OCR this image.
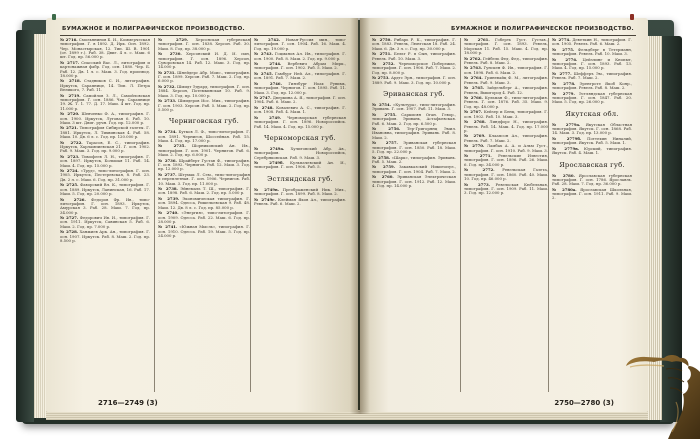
БУМАЖНОЕ И ПОЛИГРАФИЧЕСКОЕ ПРОИЗВОДСТВО.

№ 2716. Смольянинов Б. И., Коммерческая типография. Г. в 1892. Д. Ирк. Осн. 1892. Чер. Монастырская, 12. Тип. Ш. В. 1901 (от. 1899 г.). Раб. 38. Двиг. 4 л. с. Маш. 6 шт. Год. пр. 56.000 р.

№ 2717. Спасский Вас. Л., литография и картонажная фабр. Год. осн. 1880. Чер. Б. Раб. 12. Дв. 1 л. с. Маш. 3. Год. производ. 18.000 р.

№ 2718. Стадников С. И., литография. Иркутск, Сарапнице, 14. Тип. Л. Петра Великого, 7. Раб. 11.

№ 2719. Самойлов З. Л., Самойловская типография. Г. осн. 1886. Чер. Сарапнице 19. Ж. Т. 1. 77. Д. 17. Маш. 4 шт. Год. пр. 11.000 р.

№ 2720. Шевченко Ф. А., типография. Г. осн. 1900. Иркутск, Луговая 6. Раб. 10. Маш. 3 шт. Двиг. ручн. Год. пр. 12.000 р.

№ 2721. Типография Сибирской газеты. Г. 1881. Иркутск, Л. Тихвинская 4. Раб. 58. Маш. 10. Дв. 6 л. с. Год. пр. 120.000 р.

№ 2722. Тарасов, Е. С., типография. Иркутск, Харлампиевская 21. Г. осн. 1902. Раб. 9. Маш. 3. Год. пр. 9.000 р.

№ 2723. Тимофеев Л. Н., типография. Г. осн. 1897. Иркутск, Большая 11. Раб. 14. Маш. 4. Год. пр. 15.000 р.

№ 2724. «Труд», типо-литография. Г. осн. 1905. Иркутск, Пестеревская, 8. Раб. 23. Дв. 2 л. с. Маш. 6. Год. пр. 31.000 р.

№ 2725. Фаворский Вл. К., типография. Г. осн. 1889. Иркутск, Ланинская, 16. Раб. 17. Маш. 5. Год. пр. 20.000 р.

№ 2726. Федоров Фр. Ив., типо-литография. Г. осн. 1893. Иркутск, Амурская 3. Раб. 28. Маш. 7. Год. пр. 34.000 р.

№ 2727. Федорович Ив. И., типография. Г. осн. 1911. Иркутск, Савинская 5. Раб. 6. Маш. 2. Год. пр. 7.000 р.

№ 2728. Ханжиев Арк. Ан., типография. Г. осн. 1907. Иркутск. Раб. 8. Маш. 2. Год. пр. 8.500 р.

№ 2729. Херсонская губернская типография. Г. осн. 1838. Херсон. Раб. 30. Маш. 8. Год. пр. 38.000 р.

№ 2730. Херсонский И. Д. И. сын, типография. Г. осн. 1896. Херсон, Суворовская 14. Раб. 12. Маш. 3. Год. пр. 14.000 р.

№ 2731. Шнейдерс Абр. Моис., типография. Г. осн. 1899. Херсон. Раб. 7. Маш. 2. Год. пр. 6.000 р.

№ 2732. Шмидт Эдуард, типография. Г. осн. 1884. Херсон, Потемкинская 10. Раб. 9. Маш. 3. Год. пр. 10.000 р.

№ 2733. Шмидеров Иос. Мих., типография. Г. осн. 1903. Херсон. Раб. 5. Маш. 2. Год. пр. 5.500 р.

Черниговская губ.

№ 2734. Бутков Л. Ф., типо-литография. Г. осн. 1891. Чернигов, Шоссейная. Раб. 15. Маш. 4. Год. пр. 17.000 р.

№ 2735. Шорниковский Ан. Ив., типография. Г. осн. 1901. Чернигов. Раб. 6. Маш. 2. Год. пр. 6.000 р.

№ 2736. Шрайберт Густав Ф., типография. Г. осн. 1892. Чернигов. Раб. 12. Маш. 3. Год. пр. 12.000 р.

№ 2737. Штумак Л. Сем., типо-литография и переплетная. Г. осн. 1906. Чернигов. Раб. 10. Маш. 3. Год. пр. 11.000 р.

№ 2738. Эйнемаль Т. Ш., типография. Г. осн. 1898. Раб. 6. Маш. 2. Год. пр. 5.000 р.

№ 2739. Экономическая типография. Г. осн. 1894. Одесса, Ришельевская 9. Раб. 48. Маш. 12. Дв. 8 л. с. Год. пр. 85.000 р.

№ 2740. «Энергия», типо-литография. Г. осн. 1909. Одесса. Раб. 22. Маш. 6. Год. пр. 28.000 р.

№ 2741. «Южная Мысль», типография. Г. осн. 1910. Одесса. Раб. 19. Маш. 5. Год. пр. 24.000 р.

№ 2742. Новая-Руссия мин., типо-литография. Г. осн. 1904. Раб. 16. Маш. 4. Год. пр. 19.000 р.

№ 2743. Гоцманов Ал. Ив., типография. Г. осн. 1900. Раб. 8. Маш. 2. Год. пр. 9.000 р.

№ 2744. Вербевич Абрам Мирк., типография. Г. осн. 1902. Раб. 5. Маш. 2.

№ 2745. Гамбург Ней. Ал., типография. Г. осн. 1891. Раб. 7. Маш. 2.

№ 2746. Гинзбург Ноах Рувимь, типография. Чернигов. Г. осн. 1895. Раб. 11. Маш. 3. Год. пр. 12.000 р.

№ 2747. Дверкина А. Я., типография. Г. осн. 1904. Раб. 6. Маш. 2.

№ 2748. Ковалевич А. С., типография. Г. осн. 1908. Раб. 4. Маш. 1.

№ 2749. Черноморская губернская типография. Г. осн. 1896. Новороссийск. Раб. 14. Маш. 4. Год. пр. 15.000 р.

Черноморская губ.

№ 2749а. Хулиговский Абр. Ав., типография. Новороссийск, Серебряковская. Раб. 9. Маш. 3.

№ 2749б. Кульпачевский Ан. И., типография. Г. осн. 1906. Раб. 5.

Эстляндская губ.

№ 2749в. Преображенский Ник. Мих., типография. Г. осн. 1899. Раб. 8. Маш. 2.

№ 2749г. Клейман Яков Ал., типография. Ревель. Раб. 6. Маш. 2.

2716—2749 (3)
БУМАЖНОЕ И ПОЛИГРАФИЧЕСКОЕ ПРОИЗВОДСТВО.

№ 2750. Рибарь Р. К., типография. Г. осн. 1883. Ревель, Люнгская 18. Раб. 24. Маш. 6. Дв. 3 л. с. Год. пр. 30.000 р.

№ 2751. Бельт Р. в Сын, типография. Ревель. Раб. 10. Маш. 3.

№ 2752. Черноморское Побережье, типография. Г. осн. 1906. Раб. 7. Маш. 2. Год. пр. 8.000 р.

№ 2753. Ардтс Эрн., типография. Г. осн. 1889. Раб. 9. Маш. 3. Год. пр. 10.000 р.

Эриванская губ.

№ 2754. «Культура», типо-литография. Эривань. Г. осн. 1907. Раб. 11. Маш. 3.

№ 2755. Саркисян Оган. Гевор., типография. Эривань, Астафьевская. Раб. 6. Маш. 2. Год. пр. 6.500 р.

№ 2756. Тер-Григорянц Эмил. Ивановна, типография. Эривань. Раб. 8. Маш. 2.

№ 2757. Эриванская губернская типография. Г. осн. 1850. Раб. 18. Маш. 5. Год. пр. 22.000 р.

№ 2758. «Шарк», типография. Эривань. Раб. 5. Маш. 2.

№ 2759. Закавказский Никитопул., типография. Г. осн. 1904. Раб. 7. Маш. 2.

№ 2760. Эриванская Электрическая типография. Г. осн. 1912. Раб. 12. Маш. 4. Год. пр. 14.000 р.

№ 2761. Гоберть Густ. Густав., типография. Г. осн. 1893. Ревель, Морская 11. Раб. 15. Маш. 4. Год. пр. 18.000 р.

№ 2762. Гейбель Фед. Фед., типография. Ревель. Раб. 8. Маш. 2.

№ 2763. Гунскен Ф. Ив., типография. Г. осн. 1898. Раб. 6. Маш. 2.

№ 2764. Гриневайц Ф. М., литография. Ревель. Раб. 9. Маш. 3.

№ 2765. Зайдельберг А., типография. Ревель, Вышгород 4. Раб. 12.

№ 2766. Кульман Ф., типо-литография. Ревель. Г. осн. 1876. Раб. 35. Маш. 9. Год. пр. 48.000 р.

№ 2767. Кейзер и Бенц, типография. Г. осн. 1902. Раб. 10. Маш. 3.

№ 2768. Линдфорс Н., типография. Ревель. Раб. 14. Маш. 4. Год. пр. 17.000 р.

№ 2769. Клаапсон Ал., типография. Ревель. Раб. 7. Маш. 2.

№ 2770. Ламбах А. А. и Альм Густ., типография. Г. осн. 1910. Раб. 9. Маш. 3.

№ 2771. Ревельские Известия, типография. Г. осн. 1896. Раб. 26. Маш. 6. Год. пр. 34.000 р.

№ 2772. Ревельская Газета, типография. Г. осн. 1860. Раб. 40. Маш. 10. Год. пр. 46.000 р.

№ 2773. Ревельская Кюбельная, типография. Г. осн. 1909. Раб. 11. Маш. 3. Год. пр. 12.000 р.

№ 2774. Деветкин Н., типография. Г. осн. 1905. Ревель. Раб. 6. Маш. 2.

№ 2775. Фельдберг в Тетерманн, типография. Ревель. Раб. 10. Маш. 3.

№ 2776. Цейзлинг и Кнопыт, типография. Г. осн. 1893. Раб. 13. Маш. 4. Год. пр. 15.000 р.

№ 2777. Шефферъ Эм., типография. Ревель. Раб. 7. Маш. 2.

№ 2778. Эренгроте Якоб Конр., типография. Ревель. Раб. 8. Маш. 2.

№ 2779. Эстляндская губернская типография. Г. осн. 1847. Раб. 20. Маш. 5. Год. пр. 26.000 р.

Якутская обл.

№ 2779а. Якутская Областная типография. Якутск. Г. осн. 1868. Раб. 14. Маш. 3. Год. пр. 13.000 р.

№ 2779б. Поттехин Ниналий, типография. Якутск. Раб. 5. Маш. 1.

№ 2779в. Юрский, типография. Якутск. Раб. 4. Маш. 1.

Ярославская губ.

№ 2780. Ярославская губернская типография. Г. осн. 1786. Ярославль. Раб. 28. Маш. 7. Год. пр. 36.000 р.

№ 2780а. Ярославская Школьная, типография. Г. осн. 1911. Раб. 9. Маш. 2.

2750—2780 (3)
